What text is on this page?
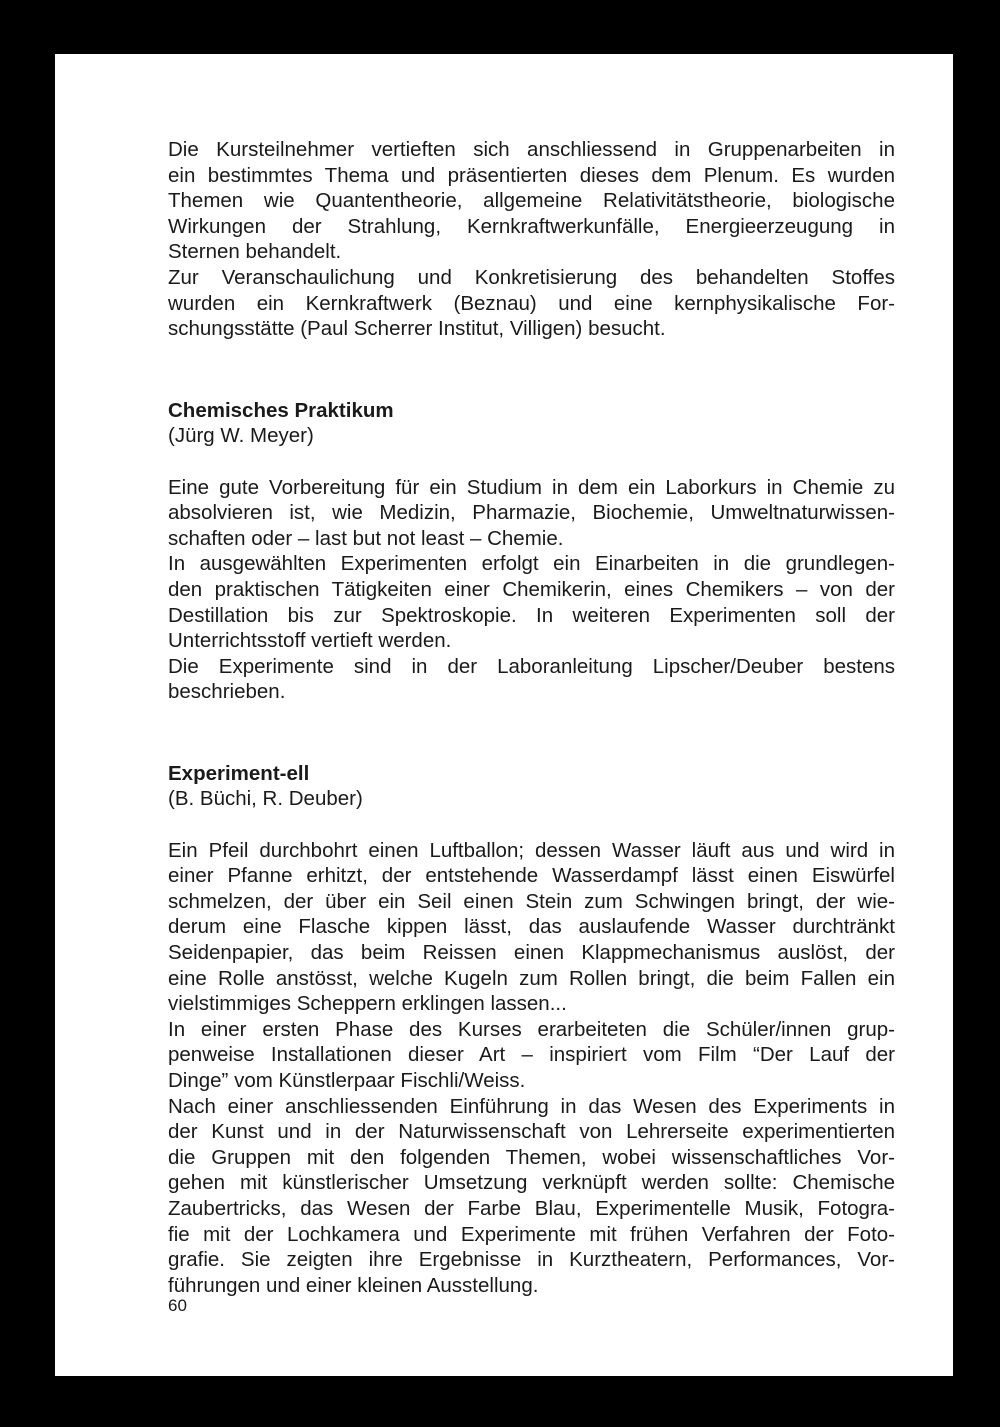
Die Kursteilnehmer vertieften sich anschliessend in Gruppenarbeiten in
ein bestimmtes Thema und präsentierten dieses dem Plenum. Es wurden
Themen wie Quantentheorie, allgemeine Relativitätstheorie, biologische
Wirkungen der Strahlung, Kernkraftwerkunfälle, Energieerzeugung in
Sternen behandelt.
Zur Veranschaulichung und Konkretisierung des behandelten Stoffes
wurden ein Kernkraftwerk (Beznau) und eine kernphysikalische For-
schungsstätte (Paul Scherrer Institut, Villigen) besucht.
Chemisches Praktikum
(Jürg W. Meyer)
Eine gute Vorbereitung für ein Studium in dem ein Laborkurs in Chemie zu
absolvieren ist, wie Medizin, Pharmazie, Biochemie, Umweltnaturwissen-
schaften oder – last but not least – Chemie.
In ausgewählten Experimenten erfolgt ein Einarbeiten in die grundlegen-
den praktischen Tätigkeiten einer Chemikerin, eines Chemikers – von der
Destillation bis zur Spektroskopie. In weiteren Experimenten soll der
Unterrichtsstoff vertieft werden.
Die Experimente sind in der Laboranleitung Lipscher/Deuber bestens
beschrieben.
Experiment-ell
(B. Büchi, R. Deuber)
Ein Pfeil durchbohrt einen Luftballon; dessen Wasser läuft aus und wird in
einer Pfanne erhitzt, der entstehende Wasserdampf lässt einen Eiswürfel
schmelzen, der über ein Seil einen Stein zum Schwingen bringt, der wie-
derum eine Flasche kippen lässt, das auslaufende Wasser durchtränkt
Seidenpapier, das beim Reissen einen Klappmechanismus auslöst, der
eine Rolle anstösst, welche Kugeln zum Rollen bringt, die beim Fallen ein
vielstimmiges Scheppern erklingen lassen...
In einer ersten Phase des Kurses erarbeiteten die Schüler/innen grup-
penweise Installationen dieser Art – inspiriert vom Film “Der Lauf der
Dinge” vom Künstlerpaar Fischli/Weiss.
Nach einer anschliessenden Einführung in das Wesen des Experiments in
der Kunst und in der Naturwissenschaft von Lehrerseite experimentierten
die Gruppen mit den folgenden Themen, wobei wissenschaftliches Vor-
gehen mit künstlerischer Umsetzung verknüpft werden sollte: Chemische
Zaubertricks, das Wesen der Farbe Blau, Experimentelle Musik, Fotogra-
fie mit der Lochkamera und Experimente mit frühen Verfahren der Foto-
grafie. Sie zeigten ihre Ergebnisse in Kurztheatern, Performances, Vor-
führungen und einer kleinen Ausstellung.
60
